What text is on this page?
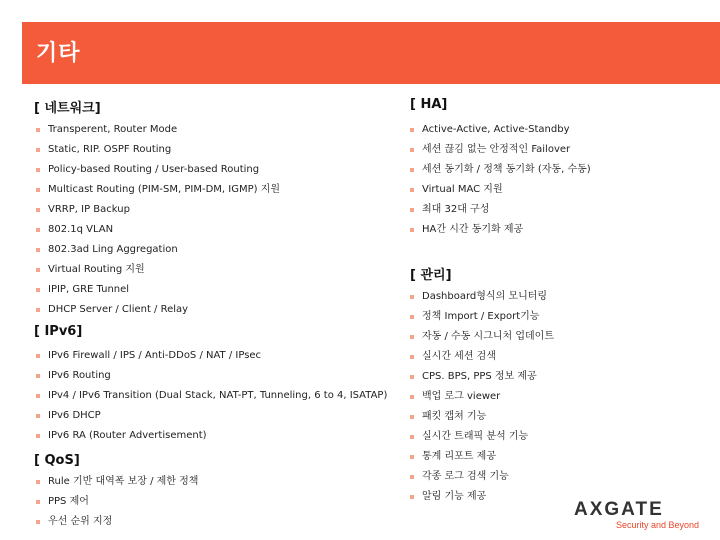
기타
[ 네트워크]
Transperent, Router Mode
Static, RIP. OSPF Routing
Policy-based Routing / User-based Routing
Multicast Routing (PIM-SM, PIM-DM, IGMP) 지원
VRRP, IP Backup
802.1q VLAN
802.3ad Ling Aggregation
Virtual Routing 지원
IPIP, GRE Tunnel
DHCP Server / Client / Relay
[ IPv6]
IPv6 Firewall / IPS / Anti-DDoS / NAT / IPsec
IPv6 Routing
IPv4 / IPv6 Transition (Dual Stack, NAT-PT, Tunneling, 6 to 4, ISATAP)
IPv6 DHCP
IPv6 RA (Router Advertisement)
[ QoS]
Rule 기반 대역폭 보장 / 제한 정책
PPS 제어
우선 순위 지정
[ HA]
Active-Active, Active-Standby
세션 끊김 없는 안정적인 Failover
세션 동기화 / 정책 동기화 (자동, 수동)
Virtual MAC 지원
최대 32대 구성
HA간 시간 동기화 제공
[ 관리]
Dashboard형식의 모니터링
정책 Import / Export기능
자동 / 수동 시그니처 업데이트
실시간 세션 검색
CPS. BPS, PPS 정보 제공
백업 로그 viewer
패킷 캡쳐 기능
실시간 트래픽 분석 기능
통계 리포트 제공
각종 로그 검색 기능
알림 기능 제공
AXGATE
Security and Beyond
